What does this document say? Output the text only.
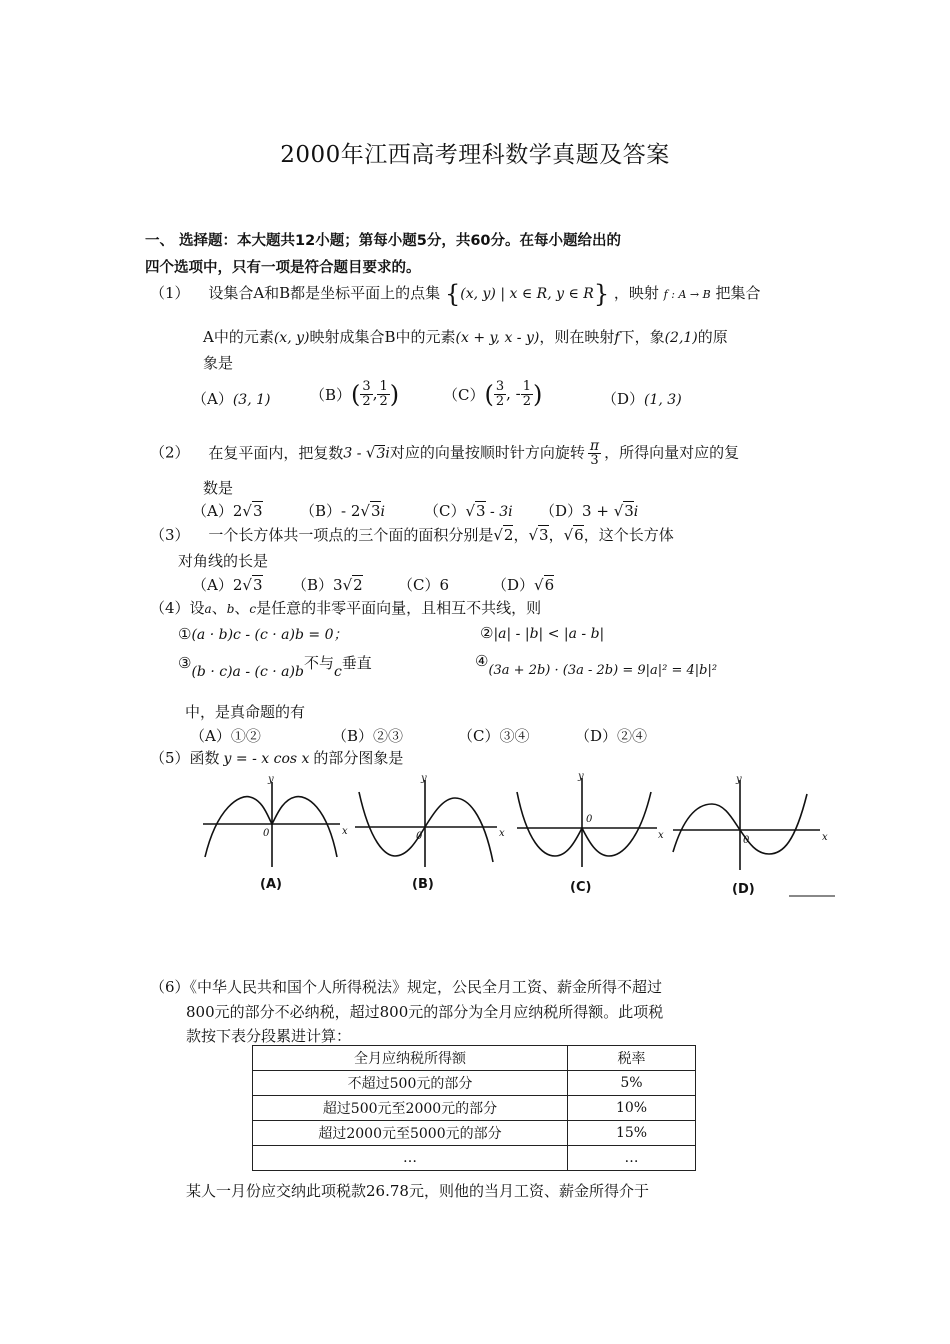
2000年江西高考理科数学真题及答案
一、 选择题：本大题共12小题；第每小题5分，共60分。在每小题给出的
四个选项中，只有一项是符合题目要求的。
（1） 设集合A和B都是坐标平面上的点集 {(x, y) | x ∈ R, y ∈ R} ，映射 f : A → B 把集合
A中的元素(x, y)映射成集合B中的元素(x + y, x - y)，则在映射f下，象(2,1)的原
象是
（A）(3, 1)	$(B)( \frac{3}{2}$ , $\frac{1}{2}$ )	$(C)( \frac{3}{2}$ , - $\frac{1}{2}$ )	（D）(1, 3)
（2） 在复平面内，把复数3 - √3i对应的向量按顺时针方向旋转 $\frac{\pi}{3}$ ，所得向量对应的复
数是
（A）2√3	（B）- 2√3i	（C）√3 - 3i （D）3 + √3i
（3） 一个长方体共一项点的三个面的面积分别是√2，√3，√6，这个长方体
对角线的长是
（A）2√3 （B）3√2 （C）6	（D）√6
（4）设a、b、c是任意的非零平面向量，且相互不共线，则
①(a · b)c - (c · a)b = 0；	②|a| - |b| < |a - b|
③(b · c)a - (c · a)b不与c垂直	④(3a + 2b) · (3a - 2b) = 9|a|² = 4|b|²
中，是真命题的有
（A）①②	（B）②③	（C）③④	（D）②④
（5）函数 y = - x cos x 的部分图象是
y
x
0
y
x
0
y
x
0
y
x
0
(A)	(B)	(C)	(D)
（6）《中华人民共和国个人所得税法》规定，公民全月工资、薪金所得不超过
800元的部分不必纳税，超过800元的部分为全月应纳税所得额。此项税
款按下表分段累进计算：
全月应纳税所得额	税率
不超过500元的部分	5%
超过500元至2000元的部分	10%
超过2000元至5000元的部分	15%
…	…
某人一月份应交纳此项税款26.78元，则他的当月工资、薪金所得介于
